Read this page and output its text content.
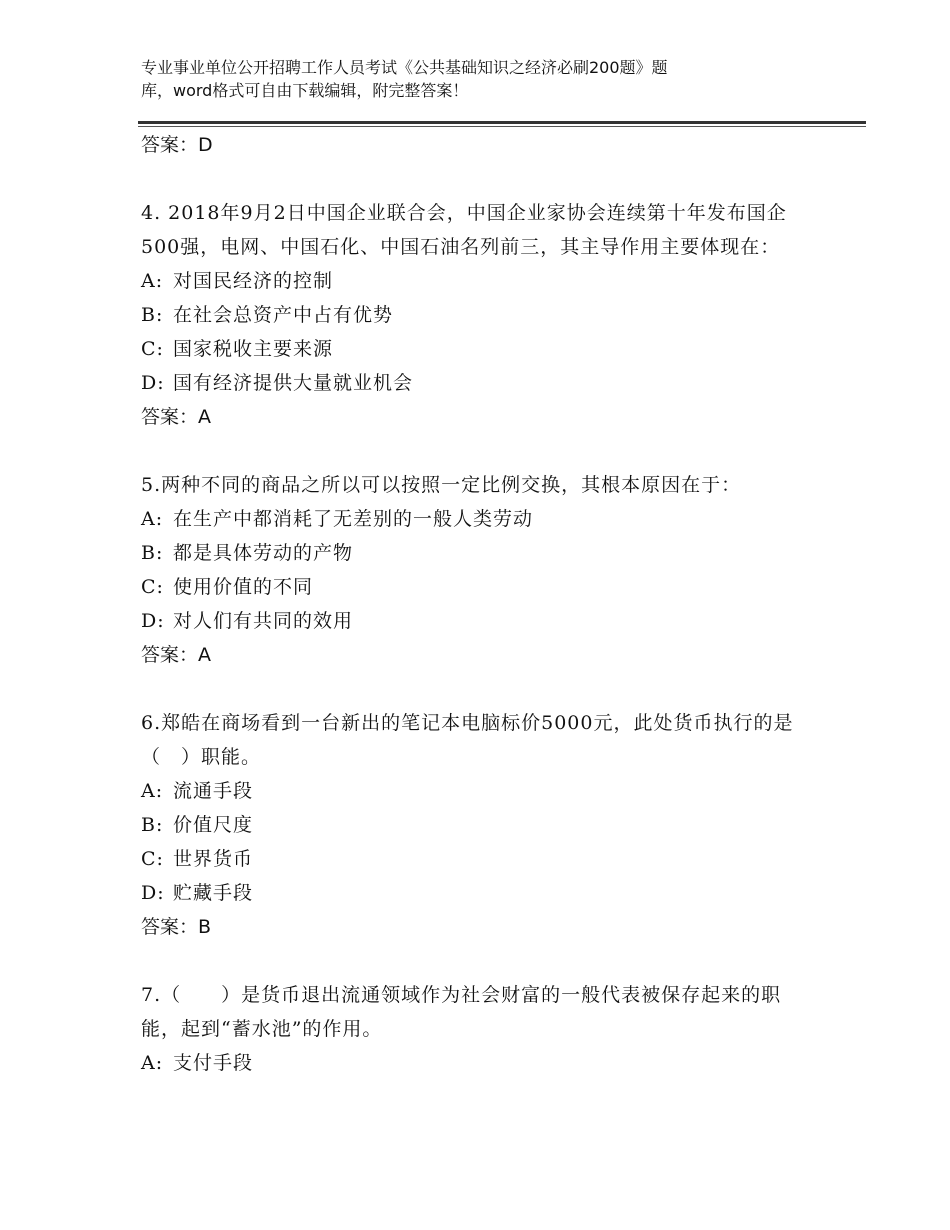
专业事业单位公开招聘工作人员考试《公共基础知识之经济必刷200题》题
库，word格式可自由下载编辑，附完整答案！
答案：D
4. 2018年9月2日中国企业联合会，中国企业家协会连续第十年发布国企500强，电网、中国石化、中国石油名列前三，其主导作用主要体现在：
A: 对国民经济的控制
B: 在社会总资产中占有优势
C: 国家税收主要来源
D: 国有经济提供大量就业机会
答案：A
5.两种不同的商品之所以可以按照一定比例交换，其根本原因在于：
A: 在生产中都消耗了无差别的一般人类劳动
B: 都是具体劳动的产物
C: 使用价值的不同
D: 对人们有共同的效用
答案：A
6.郑皓在商场看到一台新出的笔记本电脑标价5000元，此处货币执行的是（　）职能。
A: 流通手段
B: 价值尺度
C: 世界货币
D: 贮藏手段
答案：B
7.（　　）是货币退出流通领域作为社会财富的一般代表被保存起来的职能，起到“蓄水池”的作用。
A: 支付手段
